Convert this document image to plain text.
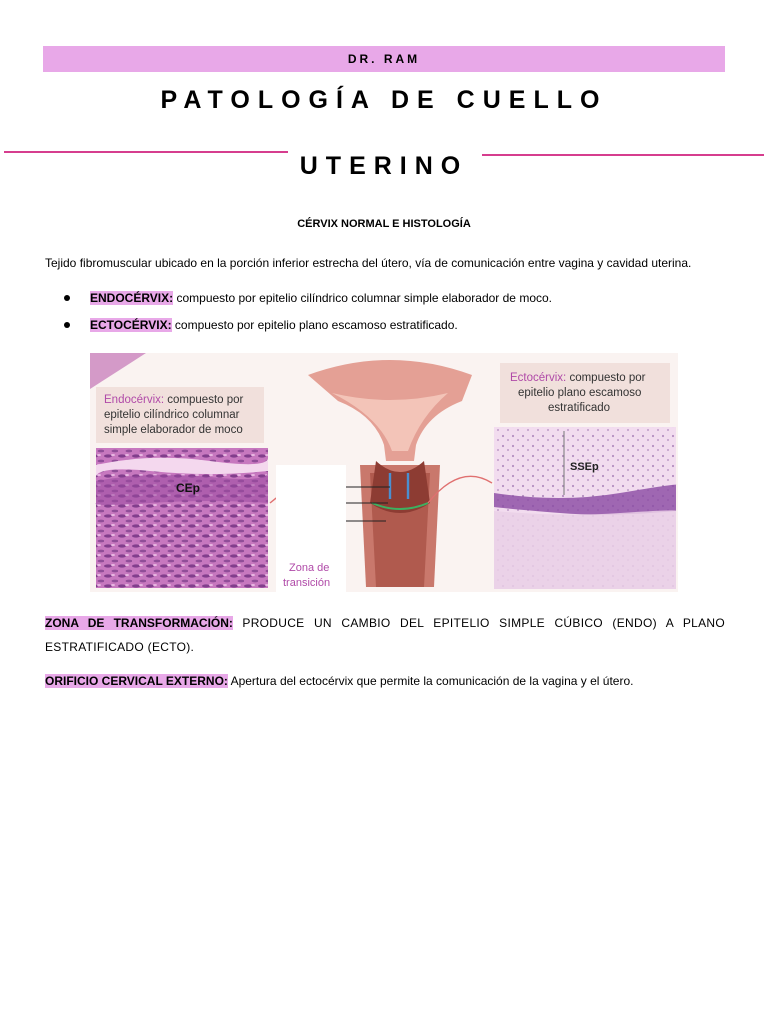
DR. RAM
PATOLOGÍA DE CUELLO
UTERINO
CÉRVIX NORMAL E HISTOLOGÍA
Tejido fibromuscular ubicado en la porción inferior estrecha del útero, vía de comunicación entre vagina y cavidad uterina.
ENDOCÉRVIX: compuesto por epitelio cilíndrico columnar simple elaborador de moco.
ECTOCÉRVIX: compuesto por epitelio plano escamoso estratificado.
Endocérvix: compuesto por
epitelio cilíndrico columnar
simple elaborador de moco
CEp
Zona de
transición
Ectocérvix: compuesto por
epitelio plano escamoso
estratificado
SSEp
ZONA DE TRANSFORMACIÓN: PRODUCE UN CAMBIO DEL EPITELIO SIMPLE CÚBICO (ENDO) A PLANO ESTRATIFICADO (ECTO).
ORIFICIO CERVICAL EXTERNO: Apertura del ectocérvix que permite la comunicación de la vagina y el útero.
